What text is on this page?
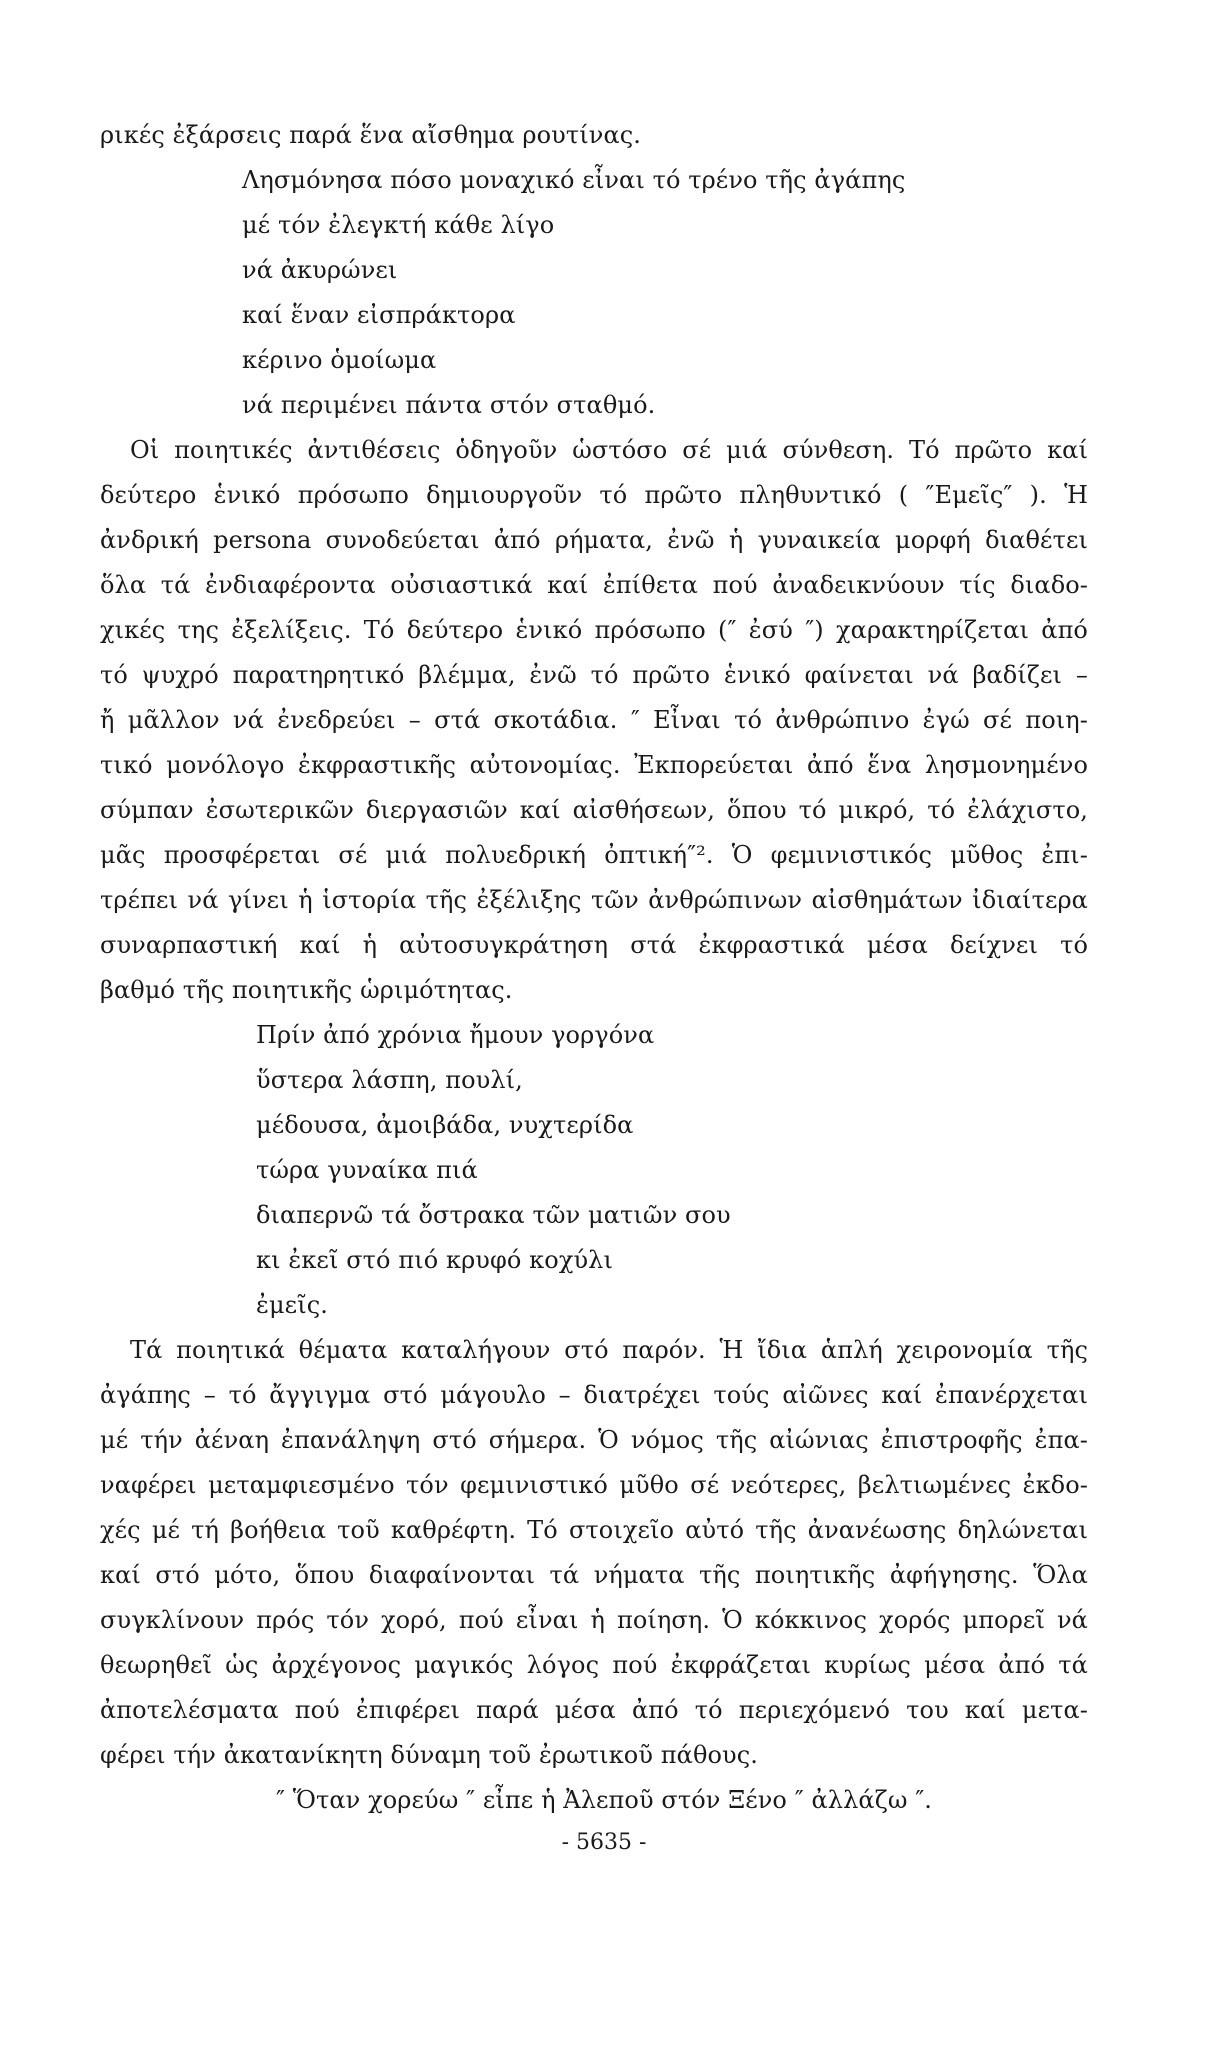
ρικές ἐξάρσεις παρά ἕνα αἴσθημα ρουτίνας.
Λησμόνησα πόσο μοναχικό εἶναι τό τρένο τῆς ἀγάπης
μέ τόν ἐλεγκτή κάθε λίγο
νά ἀκυρώνει
καί ἕναν εἰσπράκτορα
κέρινο ὁμοίωμα
νά περιμένει πάντα στόν σταθμό.
Οἱ ποιητικές ἀντιθέσεις ὁδηγοῦν ὡστόσο σέ μιά σύνθεση. Τό πρῶτο καί
δεύτερο ἑνικό πρόσωπο δημιουργοῦν τό πρῶτο πληθυντικό ( ″Εμεῖς″ ). Ἡ
ἀνδρική persona συνοδεύεται ἀπό ρήματα, ἐνῶ ἡ γυναικεία μορφή διαθέτει
ὅλα τά ἐνδιαφέροντα οὐσιαστικά καί ἐπίθετα πού ἀναδεικνύουν τίς διαδο-
χικές της ἐξελίξεις. Τό δεύτερο ἑνικό πρόσωπο (″ ἐσύ ″) χαρακτηρίζεται ἀπό
τό ψυχρό παρατηρητικό βλέμμα, ἐνῶ τό πρῶτο ἑνικό φαίνεται νά βαδίζει –
ἤ μᾶλλον νά ἐνεδρεύει – στά σκοτάδια. ″ Εἶναι τό ἀνθρώπινο ἐγώ σέ ποιη-
τικό μονόλογο ἐκφραστικῆς αὐτονομίας. Ἐκπορεύεται ἀπό ἕνα λησμονημένο
σύμπαν ἐσωτερικῶν διεργασιῶν καί αἰσθήσεων, ὅπου τό μικρό, τό ἐλάχιστο,
μᾶς προσφέρεται σέ μιά πολυεδρική ὀπτική″². Ὁ φεμινιστικός μῦθος ἐπι-
τρέπει νά γίνει ἡ ἱστορία τῆς ἐξέλιξης τῶν ἀνθρώπινων αἰσθημάτων ἰδιαίτερα
συναρπαστική καί ἡ αὐτοσυγκράτηση στά ἐκφραστικά μέσα δείχνει τό
βαθμό τῆς ποιητικῆς ὡριμότητας.
Πρίν ἀπό χρόνια ἤμουν γοργόνα
ὕστερα λάσπη, πουλί,
μέδουσα, ἀμοιβάδα, νυχτερίδα
τώρα γυναίκα πιά
διαπερνῶ τά ὄστρακα τῶν ματιῶν σου
κι ἐκεῖ στό πιό κρυφό κοχύλι
ἐμεῖς.
Τά ποιητικά θέματα καταλήγουν στό παρόν. Ἡ ἴδια ἁπλή χειρονομία τῆς
ἀγάπης – τό ἄγγιγμα στό μάγουλο – διατρέχει τούς αἰῶνες καί ἐπανέρχεται
μέ τήν ἀέναη ἐπανάληψη στό σήμερα. Ὁ νόμος τῆς αἰώνιας ἐπιστροφῆς ἐπα-
ναφέρει μεταμφιεσμένο τόν φεμινιστικό μῦθο σέ νεότερες, βελτιωμένες ἐκδο-
χές μέ τή βοήθεια τοῦ καθρέφτη. Τό στοιχεῖο αὐτό τῆς ἀνανέωσης δηλώνεται
καί στό μότο, ὅπου διαφαίνονται τά νήματα τῆς ποιητικῆς ἀφήγησης. Ὅλα
συγκλίνουν πρός τόν χορό, πού εἶναι ἡ ποίηση. Ὁ κόκκινος χορός μπορεῖ νά
θεωρηθεῖ ὡς ἀρχέγονος μαγικός λόγος πού ἐκφράζεται κυρίως μέσα ἀπό τά
ἀποτελέσματα πού ἐπιφέρει παρά μέσα ἀπό τό περιεχόμενό του καί μετα-
φέρει τήν ἀκατανίκητη δύναμη τοῦ ἐρωτικοῦ πάθους.
″ Ὅταν χορεύω ″ εἶπε ἡ Ἀλεποῦ στόν Ξένο ″ ἀλλάζω ″.
- 5635 -
